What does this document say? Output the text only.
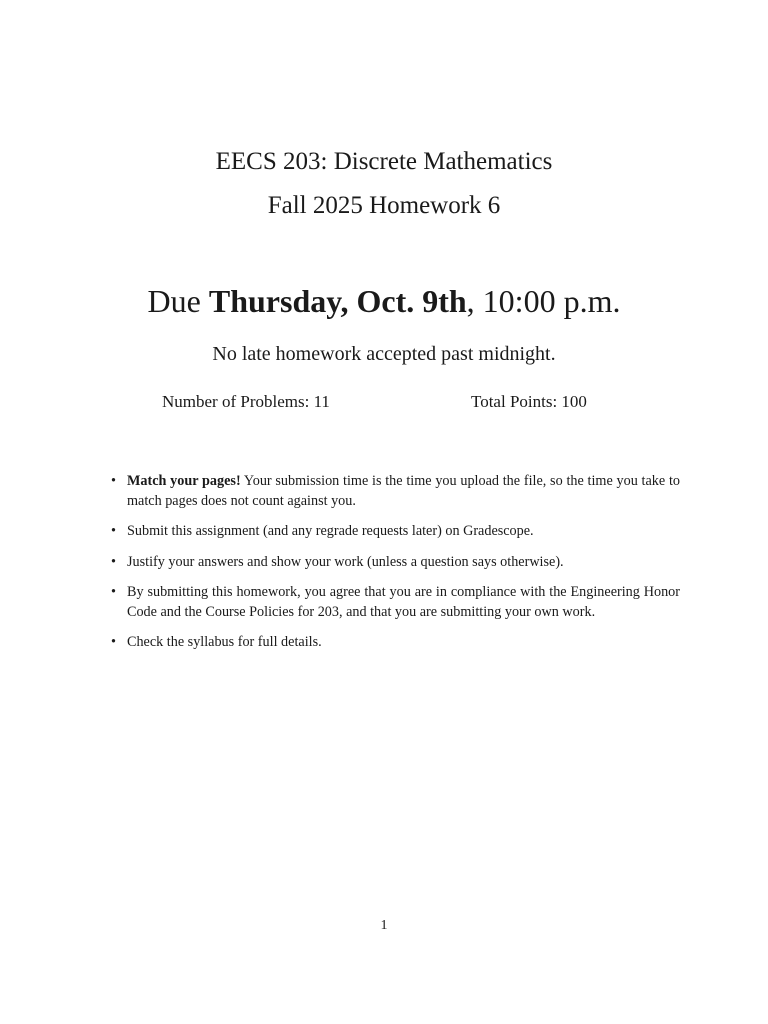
EECS 203: Discrete Mathematics
Fall 2025 Homework 6
Due Thursday, Oct. 9th, 10:00 p.m.
No late homework accepted past midnight.
Number of Problems: 11	Total Points: 100
• Match your pages! Your submission time is the time you upload the file, so the time you take to match pages does not count against you.
• Submit this assignment (and any regrade requests later) on Gradescope.
• Justify your answers and show your work (unless a question says otherwise).
• By submitting this homework, you agree that you are in compliance with the Engineering Honor Code and the Course Policies for 203, and that you are submitting your own work.
• Check the syllabus for full details.
1
